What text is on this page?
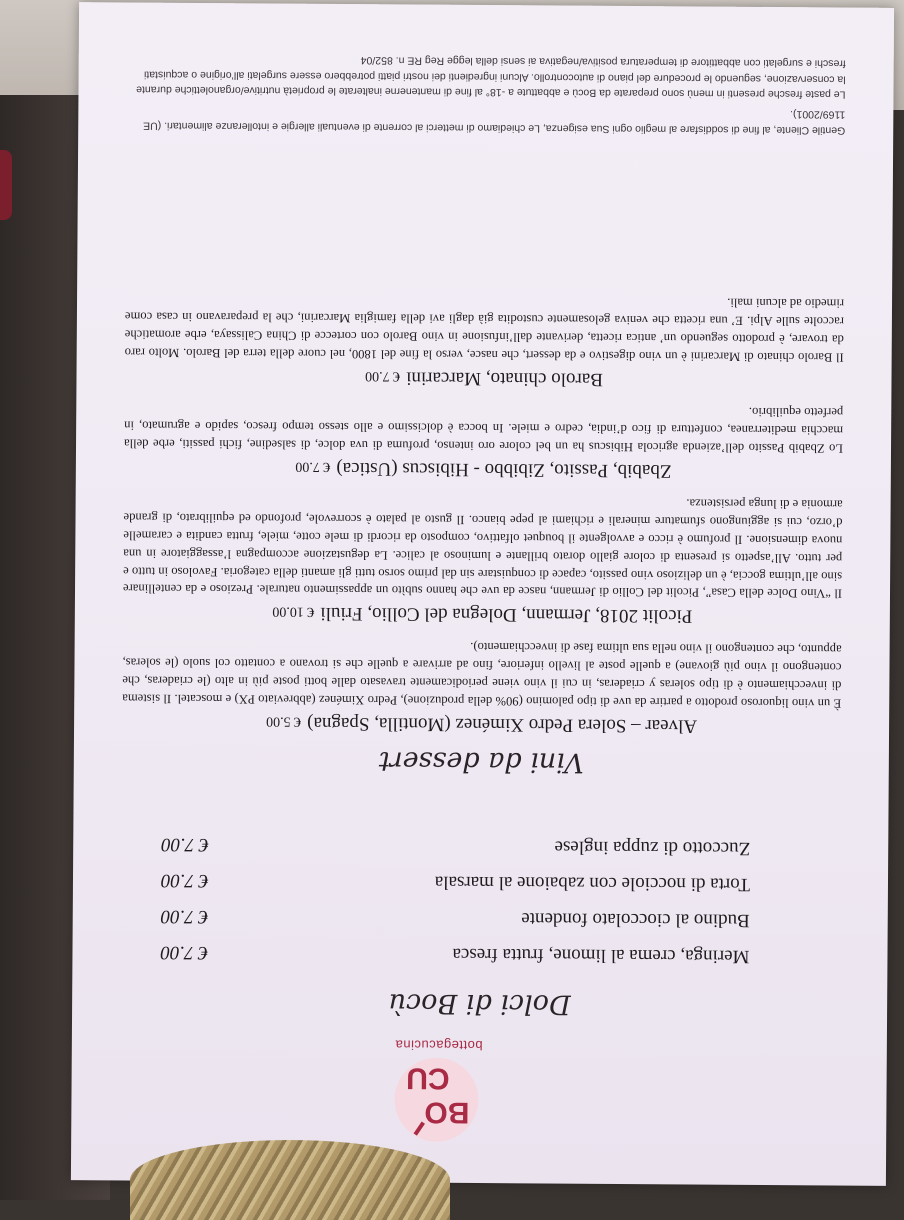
BO
CU
bottegacucina
Dolci di Bocù
Meringa, crema al limone, frutta fresca
€ 7.00
Budino al cioccolato fondente
€ 7.00
Torta di nocciole con zabaione al marsala
€ 7.00
Zuccotto di zuppa inglese
€ 7.00
Vini da dessert
Alvear – Solera Pedro Ximénez (Montilla, Spagna)€ 5.00

È un vino liquoroso prodotto a partire da uve di tipo palomino (90% della produzione), Pedro Ximénez (abbreviato PX) e moscatel. Il sistema di invecchiamento è di tipo soleras y criaderas, in cui il vino viene periodicamente travasato dalle botti poste più in alto (le criaderas, che contengono il vino più giovane) a quelle poste al livello inferiore, fino ad arrivare a quelle che si trovano a contatto col suolo (le soleras, appunto, che contengono il vino nella sua ultima fase di invecchiamento).

Picolit 2018, Jermann, Dolegna del Collio, Friuli€ 10.00

Il “Vino Dolce della Casa”, Picolit del Collio di Jermann, nasce da uve che hanno subìto un appassimento naturale. Prezioso e da centellinare sino all’ultima goccia, è un delizioso vino passito, capace di conquistare sin dal primo sorso tutti gli amanti della categoria. Favoloso in tutto e per tutto. All’aspetto si presenta di colore giallo dorato brillante e luminoso al calice. La degustazione accompagna l’assaggiatore in una nuova dimensione. Il profumo è ricco e avvolgente il bouquet olfattivo, composto da ricordi di mele cotte, miele, frutta candita e caramelle d’orzo, cui si aggiungono sfumature minerali e richiami al pepe bianco. Il gusto al palato è scorrevole, profondo ed equilibrato, di grande armonia e di lunga persistenza.

Zbabib, Passito, Zibibbo - Hibiscus (Ustica)€ 7.00

Lo Zbabib Passito dell’azienda agricola Hibiscus ha un bel colore oro intenso, profuma di uva dolce, di salsedine, fichi passiti, erbe della macchia mediterranea, confettura di fico d’india, cedro e miele. In bocca è dolcissimo e allo stesso tempo fresco, sapido e agrumato, in perfetto equilibrio.

Barolo chinato, Marcarini€ 7.00

Il Barolo chinato di Marcarini è un vino digestivo e da dessert, che nasce, verso la fine del 1800, nel cuore della terra del Barolo. Molto raro da trovare, è prodotto seguendo un’ antica ricetta, derivante dall’infusione in vino Barolo con cortecce di China Calissaya, erbe aromatiche raccolte sulle Alpi. E’ una ricetta che veniva gelosamente custodita già dagli avi della famiglia Marcarini, che la preparavano in casa come rimedio ad alcuni mali.

Gentile Cliente, al fine di soddisfare al meglio ogni Sua esigenza, Le chiediamo di metterci al corrente di eventuali allergie e intolleranze alimentari. (UE 1169/2001).

Le paste fresche presenti in menù sono preparate da Bocù e abbattute a -18° al fine di mantenerne inalterate le proprietà nutritive/organolettiche durante la conservazione, seguendo le procedure del piano di autocontrollo. Alcuni ingredienti dei nostri piatti potrebbero essere surgelati all’origine o acquistati freschi e surgelati con abbattitore di temperatura positiva/negativa ai sensi della legge Reg RE n. 852/04
